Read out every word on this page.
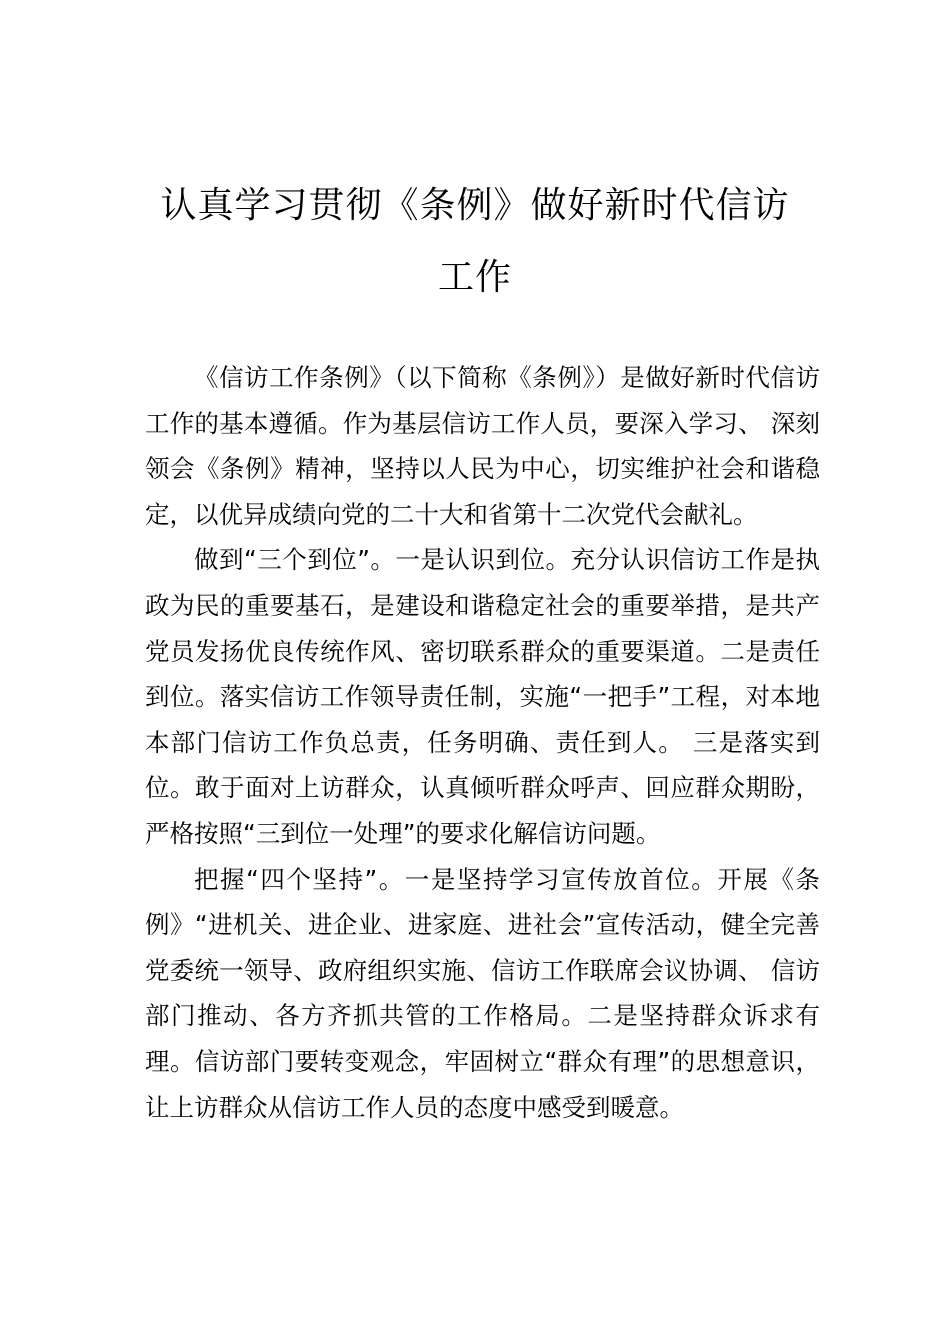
认真学习贯彻《条例》做好新时代信访工作

《信访工作条例》（以下简称《条例》）是做好新时代信访工作的基本遵循。作为基层信访工作人员，要深入学习、 深刻领会《条例》精神，坚持以人民为中心，切实维护社会和谐稳定，以优异成绩向党的二十大和省第十二次党代会献礼。

做到“三个到位”。一是认识到位。充分认识信访工作是执政为民的重要基石，是建设和谐稳定社会的重要举措，是共产党员发扬优良传统作风、密切联系群众的重要渠道。二是责任到位。落实信访工作领导责任制，实施“一把手”工程，对本地本部门信访工作负总责，任务明确、责任到人。 三是落实到位。敢于面对上访群众，认真倾听群众呼声、回应群众期盼，严格按照“三到位一处理”的要求化解信访问题。

把握“四个坚持”。一是坚持学习宣传放首位。开展《条例》“进机关、进企业、进家庭、进社会”宣传活动，健全完善党委统一领导、政府组织实施、信访工作联席会议协调、 信访部门推动、各方齐抓共管的工作格局。二是坚持群众诉求有理。信访部门要转变观念，牢固树立“群众有理”的思想意识，让上访群众从信访工作人员的态度中感受到暖意。
